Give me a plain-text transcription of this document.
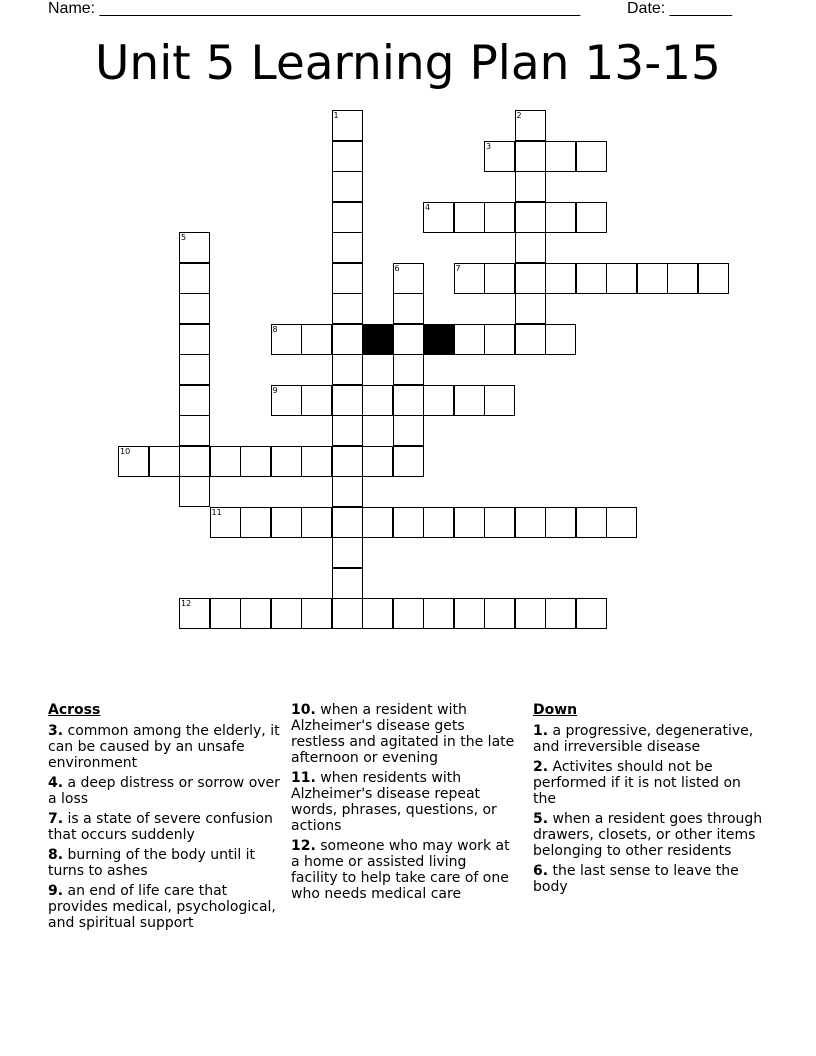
Name: ______________________________________________________	Date: _______
Unit 5 Learning Plan 13-15
1	2
5
6
3
4
7
8
9
10
11
12
Across
3. common among the elderly, it can be caused by an unsafe environment
4. a deep distress or sorrow over a loss
7. is a state of severe confusion that occurs suddenly
8. burning of the body until it turns to ashes
9. an end of life care that provides medical, psychological, and spiritual support
10. when a resident with Alzheimer's disease gets restless and agitated in the late afternoon or evening
11. when residents with Alzheimer's disease repeat words, phrases, questions, or actions
12. someone who may work at a home or assisted living facility to help take care of one who needs medical care
Down
1. a progressive, degenerative, and irreversible disease
2. Activites should not be performed if it is not listed on the
5. when a resident goes through drawers, closets, or other items belonging to other residents
6. the last sense to leave the body
